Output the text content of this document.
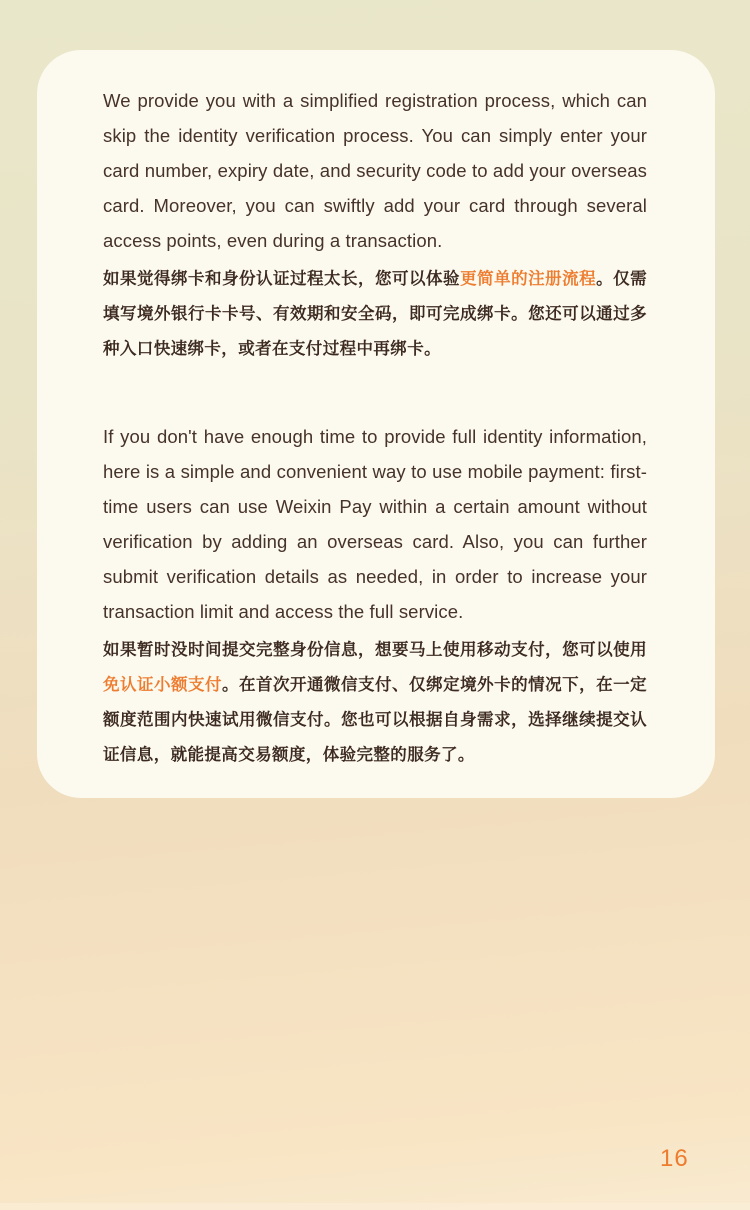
We provide you with a simplified registration process, which can skip the identity verification process. You can simply enter your card number, expiry date, and security code to add your overseas card. Moreover, you can swiftly add your card through several access points, even during a transaction.

如果觉得绑卡和身份认证过程太长，您可以体验更简单的注册流程。仅需填写境外银行卡卡号、有效期和安全码，即可完成绑卡。您还可以通过多种入口快速绑卡，或者在支付过程中再绑卡。

If you don't have enough time to provide full identity information, here is a simple and convenient way to use mobile payment: first-time users can use Weixin Pay within a certain amount without verification by adding an overseas card. Also, you can further submit verification details as needed, in order to increase your transaction limit and access the full service.

如果暂时没时间提交完整身份信息，想要马上使用移动支付，您可以使用免认证小额支付。在首次开通微信支付、仅绑定境外卡的情况下，在一定额度范围内快速试用微信支付。您也可以根据自身需求，选择继续提交认证信息，就能提高交易额度，体验完整的服务了。

16
